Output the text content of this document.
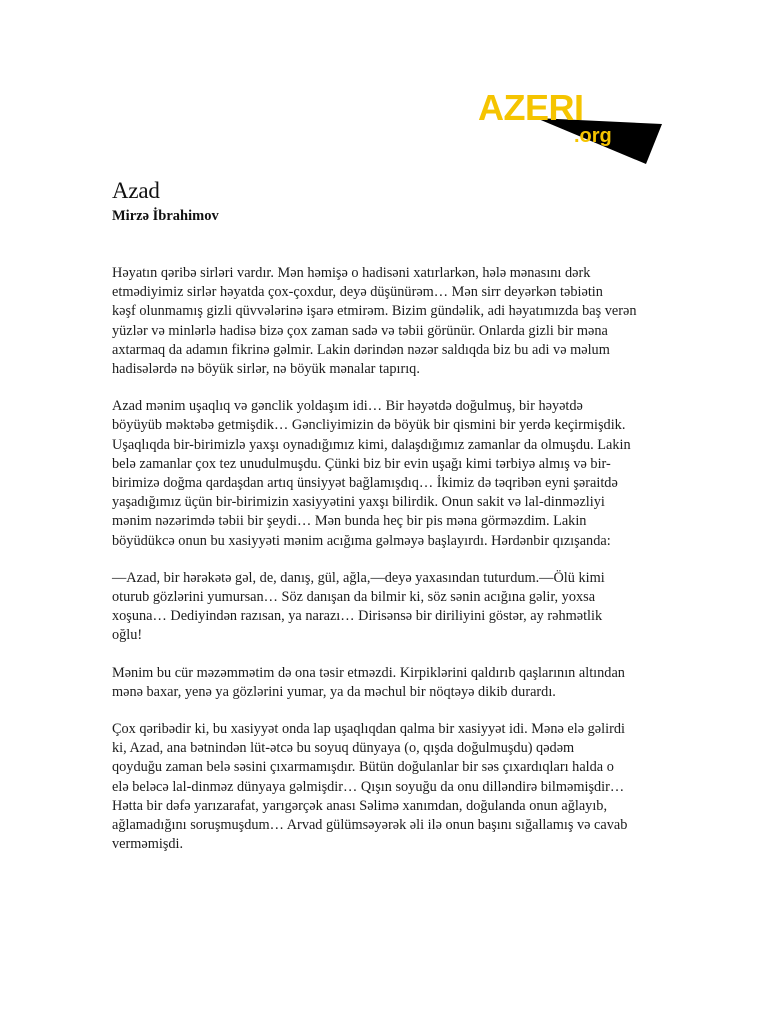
AZERI
.org
Azad
Mirzə İbrahimov

Həyatın qəribə sirləri vardır. Mən həmişə o hadisəni xatırlarkən, hələ mənasını dərk
etmədiyimiz sirlər həyatda çox-çoxdur, deyə düşünürəm… Mən sirr deyərkən təbiətin
kəşf olunmamış gizli qüvvələrinə işarə etmirəm. Bizim gündəlik, adi həyatımızda baş verən
yüzlər və minlərlə hadisə bizə çox zaman sadə və təbii görünür. Onlarda gizli bir məna
axtarmaq da adamın fikrinə gəlmir. Lakin dərindən nəzər saldıqda biz bu adi və məlum
hadisələrdə nə böyük sirlər, nə böyük mənalar tapırıq.

Azad mənim uşaqlıq və gənclik yoldaşım idi… Bir həyətdə doğulmuş, bir həyətdə
böyüyüb məktəbə getmişdik… Gəncliyimizin də böyük bir qismini bir yerdə keçirmişdik.
Uşaqlıqda bir-birimizlə yaxşı oynadığımız kimi, dalaşdığımız zamanlar da olmuşdu. Lakin
belə zamanlar çox tez unudulmuşdu. Çünki biz bir evin uşağı kimi tərbiyə almış və bir-
birimizə doğma qardaşdan artıq ünsiyyət bağlamışdıq… İkimiz də təqribən eyni şəraitdə
yaşadığımız üçün bir-birimizin xasiyyətini yaxşı bilirdik. Onun sakit və lal-dinməzliyi
mənim nəzərimdə təbii bir şeydi… Mən bunda heç bir pis məna görməzdim. Lakin
böyüdükcə onun bu xasiyyəti mənim acığıma gəlməyə başlayırdı. Hərdənbir qızışanda:

—Azad, bir hərəkətə gəl, de, danış, gül, ağla,—deyə yaxasından tuturdum.—Ölü kimi
oturub gözlərini yumursan… Söz danışan da bilmir ki, söz sənin acığına gəlir, yoxsa
xoşuna… Dediyindən razısan, ya narazı… Dirisənsə bir diriliyini göstər, ay rəhmətlik
oğlu!

Mənim bu cür məzəmmətim də ona təsir etməzdi. Kirpiklərini qaldırıb qaşlarının altından
mənə baxar, yenə ya gözlərini yumar, ya da məchul bir nöqtəyə dikib durardı.

Çox qəribədir ki, bu xasiyyət onda lap uşaqlıqdan qalma bir xasiyyət idi. Mənə elə gəlirdi
ki, Azad, ana bətnindən lüt-ətcə bu soyuq dünyaya (o, qışda doğulmuşdu) qədəm
qoyduğu zaman belə səsini çıxarmamışdır. Bütün doğulanlar bir səs çıxardıqları halda o
elə beləcə lal-dinməz dünyaya gəlmişdir… Qışın soyuğu da onu dilləndirə bilməmişdir…
Hətta bir dəfə yarızarafat, yarıgərçək anası Səlimə xanımdan, doğulanda onun ağlayıb,
ağlamadığını soruşmuşdum… Arvad gülümsəyərək əli ilə onun başını sığallamış və cavab
verməmişdi.
